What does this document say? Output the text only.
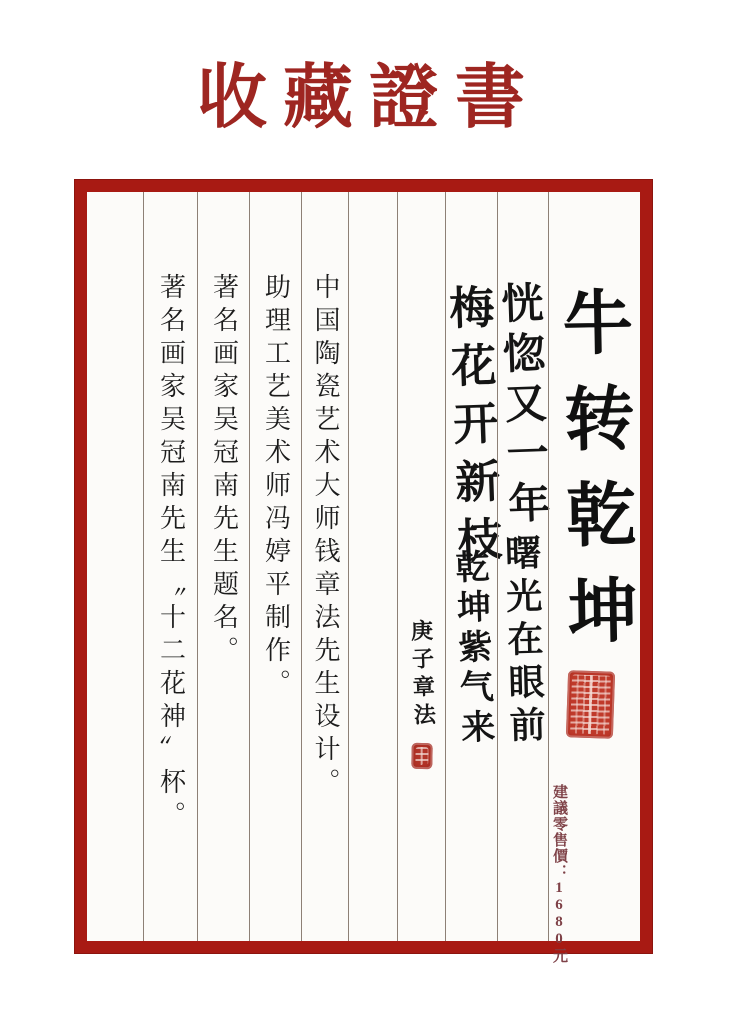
收藏證書
著名画家吴冠南先生〝十二花神〞杯。 著名画家吴冠南先生题名。 助理工艺美术师冯婷平制作。 中国陶瓷艺术大师钱章法先生设计。	庚子章法
梅花开新枝
乾坤紫气来
恍惚又一年
曙光在眼前 牛转乾坤
建議零售價：1680元
